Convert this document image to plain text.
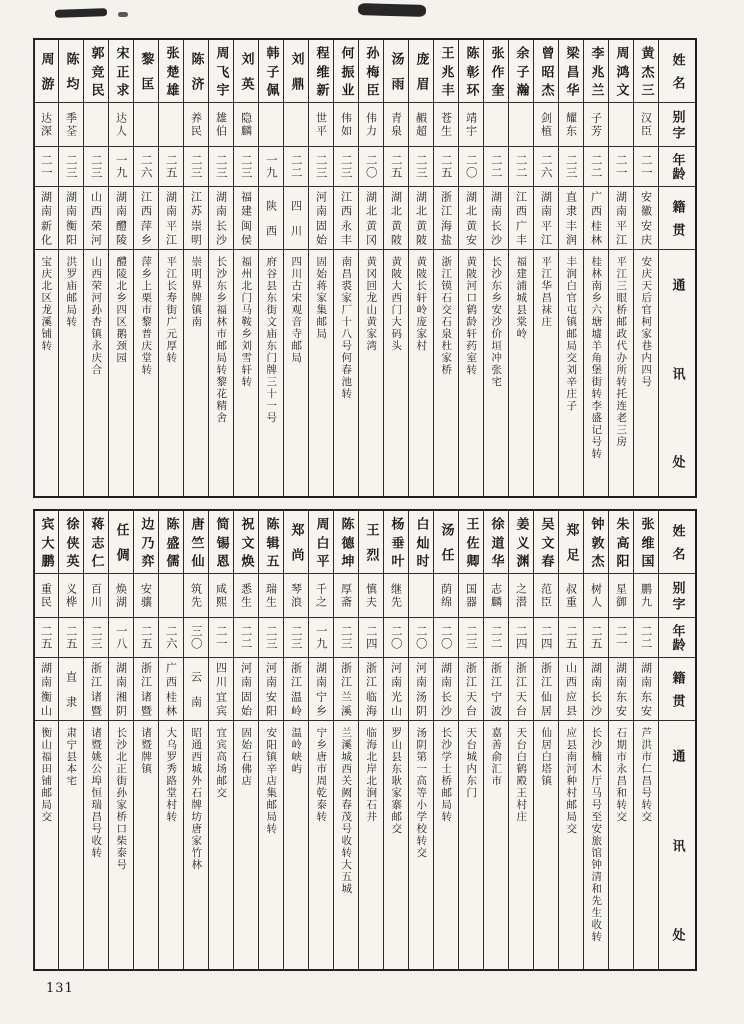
姓
名
别
字
年
龄
籍
贯
通
讯
处
黄
杰
三
汉臣
二一
安
徽
安
庆
安庆天后官柯家巷内四号
周
鸿
文
二一
湖
南
平
江
平江三眼桥邮政代办所转托连老三房
李
兆
兰
子芳
二二
广
西
桂
林
桂林南乡六塘墟羊角堡街转李盛记号转
梁
昌
华
耀东
二三
直
隶
丰
润
丰润白官屯镇邮局交刘辛庄子
曾
昭
杰
剑植
二六
湖
南
平
江
平江华昌袜庄
余
子
瀚
二二
江
西
广
丰
福建浦城县棠岭
张
作
奎
二二
湖
南
长
沙
长沙东乡安沙价垣冲张宅
陈
彰
环
靖宇
二〇
湖
北
黄
安
黄陂河口鹤龄轩药室转
王
兆
丰
苍生
二五
浙
江
海
盐
浙江镆石交石泉杜家桥
庞
眉
赮超
二三
湖
北
黄
陂
黄陂长轩岭庞家村
汤
雨
青泉
二五
湖
北
黄
陂
黄陂大西门大码头
孙
梅
臣
伟力
二〇
湖
北
黄
冈
黄冈回龙山黄家湾
何
振
业
伟如
二三
江
西
永
丰
南昌裘家厂十八号何春池转
程
维
新
世平
二三
河
南
固
始
固始蒋家集邮局
刘
鼎
二二
四
川
四川古宋观音寺邮局
韩
子
佩
一九
陕
西
府谷县东街文庙东门牌三十一号
刘
英
隐麟
二三
福
建
闽
侯
福州北门马鞍乡刘雪轩转
周
飞
宇
雄伯
二三
湖
南
长
沙
长沙东乡福林市邮局转黎花精舍
陈
济
养民
二三
江
苏
崇
明
崇明界牌镇南
张
楚
雄
二五
湖
南
平
江
平江长寿街广元厚转
黎
匡
二六
江
西
萍
乡
萍乡上栗市黎普庆堂转
宋
正
求
达人
一九
湖
南
醴
陵
醴陵北乡四区鹅颈园
郭
竞
民
二三
山
西
荣
河
山西荣河孙杏镇永庆合
陈
均
季荃
二三
湖
南
衡
阳
洪罗庙邮局转
周
游
达深
二一
湖
南
新
化
宝庆北区龙溪铺转
姓
名
别
字
年
龄
籍
贯
通
讯
处
张
维
国
鹏九
二二
湖
南
东
安
芦洪市仁昌号转交
朱
高
阳
星御
二一
湖
南
东
安
石期市永昌和转交
钟
敦
杰
树人
二五
湖
南
长
沙
长沙楠木厅马号至安旅馆钟清和先生收转
郑
足
叔重
二五
山
西
应
县
应县南河种村邮局交
吴
文
春
范臣
二四
浙
江
仙
居
仙居白塔镇
姜
义
渊
之潜
二四
浙
江
天
台
天台白鹤殿王村庄
徐
道
华
志麟
二二
浙
江
宁
波
嘉善俞汇市
王
佐
卿
国器
二三
浙
江
天
台
天台城内东门
汤
任
荫绵
二〇
湖
南
长
沙
长沙学士桥邮局转
白
灿
时
二〇
河
南
汤
阴
汤阴第一高等小学校转交
杨
垂
叶
继先
二〇
河
南
光
山
罗山县东耿家寨邮交
王
烈
慎夫
二四
浙
江
临
海
临海北岸北涧石井
陈
德
坤
厚斋
二三
浙
江
兰
溪
兰溪城西关阙春茂号收转大五城
周
白
平
千之
一九
湖
南
宁
乡
宁乡唐市周乾泰转
郑
尚
琴浪
二三
浙
江
温
岭
温岭峡屿
陈
辑
五
瑞生
二三
河
南
安
阳
安阳镇辛店集邮局转
祝
文
焕
悉生
二二
河
南
固
始
固始石佛店
简
锡
恩
咸熙
二一
四
川
宜
宾
宜宾高场邮交
唐
竺
仙
筑先
三〇
云
南
昭通西城外石牌坊唐家竹林
陈
盛
儒
二六
广
西
桂
林
大乌罗秀路堂村转
边
乃
弈
安骧
二五
浙
江
诸
暨
诸暨牌镇
任
倜
焕湖
一八
湖
南
湘
阴
长沙北正街孙家桥口柴泰号
蒋
志
仁
百川
二三
浙
江
诸
暨
诸暨姚公埠恒瑞昌号收转
徐
侠
英
义桦
二五
直
隶
肃宁县本宅
宾
大
鹏
重民
二五
湖
南
衡
山
衡山福田铺邮局交
131
